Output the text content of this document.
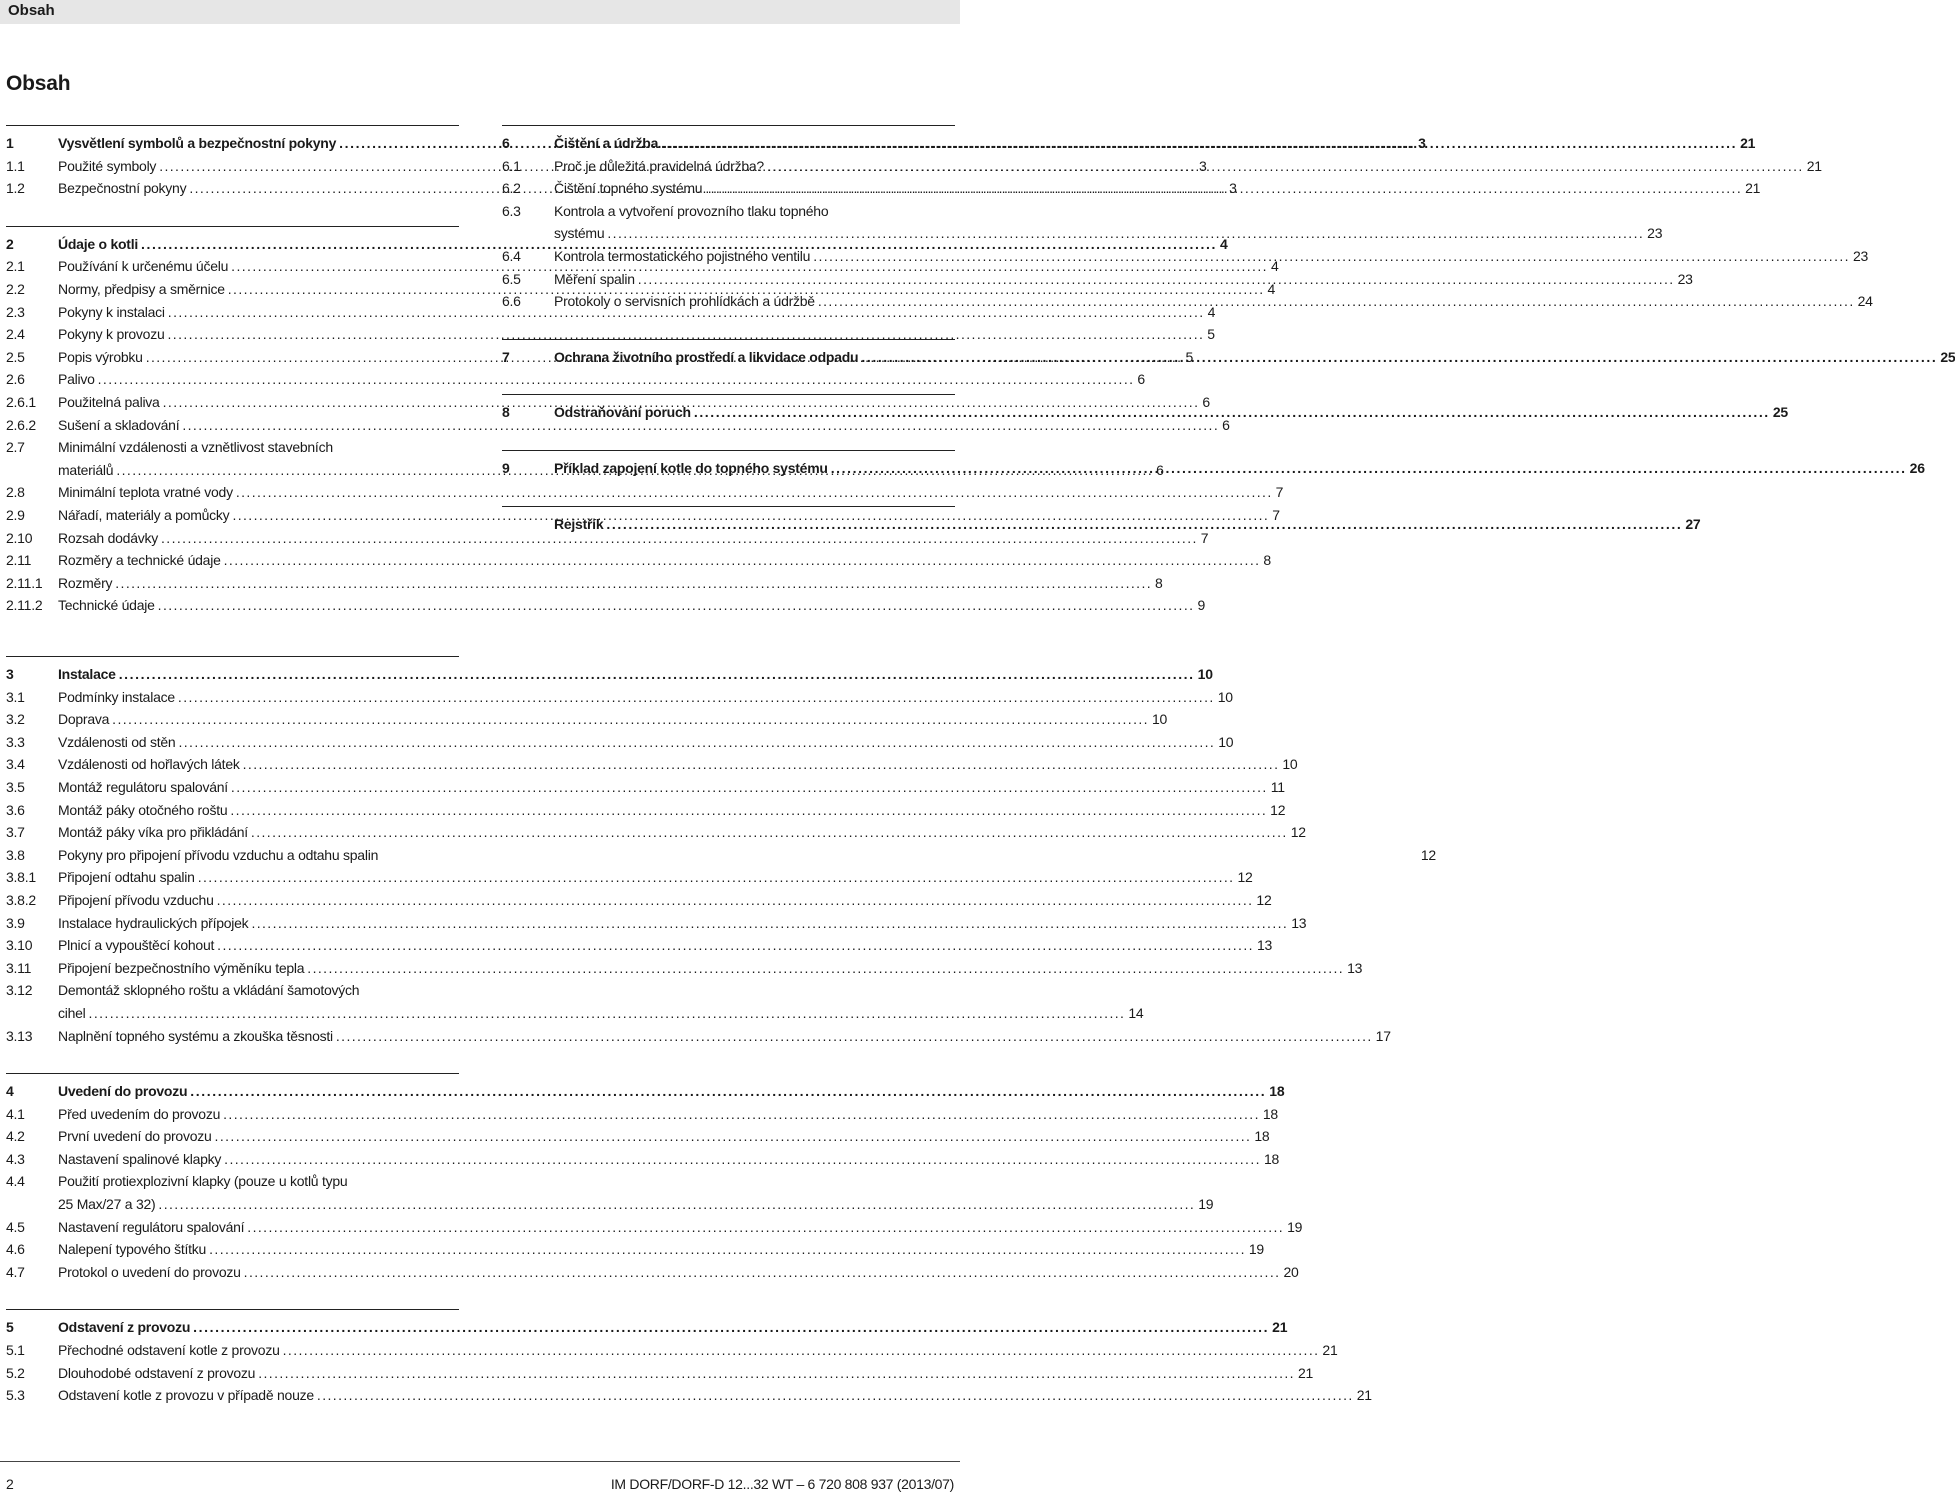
Obsah
Obsah
1	Vysvětlení symbolů a bezpečnostní pokyny .....	3
1.1	Použité symboly .....	3
1.2	Bezpečnostní pokyny .....	3
2	Údaje o kotli .....	4
2.1	Používání k určenému účelu .....	4
2.2	Normy, předpisy a směrnice .....	4
2.3	Pokyny k instalaci .....	4
2.4	Pokyny k provozu .....	5
2.5	Popis výrobku .....	5
2.6	Palivo .....	6
2.6.1	Použitelná paliva .....	6
2.6.2	Sušení a skladování .....	6
2.7	Minimální vzdálenosti a vznětlivost stavebních
materiálů .....	6
2.8	Minimální teplota vratné vody .....	7
2.9	Nářadí, materiály a pomůcky .....	7
2.10	Rozsah dodávky .....	7
2.11	Rozměry a technické údaje .....	8
2.11.1	Rozměry .....	8
2.11.2	Technické údaje .....	9
6	Čištění a údržba .....	21
6.1	Proč je důležitá pravidelná údržba? .....	21
6.2	Čištění topného systému .....	21
6.3	Kontrola a vytvoření provozního tlaku topného
systému .....	23
6.4	Kontrola termostatického pojistného ventilu .....	23
6.5	Měření spalin .....	23
6.6	Protokoly o servisních prohlídkách a údržbě .....	24
7	Ochrana životního prostředí a likvidace odpadu .....	25
8	Odstraňování poruch .....	25
9	Příklad zapojení kotle do topného systému .....	26
Rejstřík .....	27
3	Instalace .....	10
3.1	Podmínky instalace .....	10
3.2	Doprava .....	10
3.3	Vzdálenosti od stěn .....	10
3.4	Vzdálenosti od hořlavých látek .....	10
3.5	Montáž regulátoru spalování .....	11
3.6	Montáž páky otočného roštu .....	12
3.7	Montáž páky víka pro přikládání .....	12
3.8	Pokyny pro připojení přívodu vzduchu a odtahu spalin	12
3.8.1	Připojení odtahu spalin .....	12
3.8.2	Připojení přívodu vzduchu .....	12
3.9	Instalace hydraulických přípojek .....	13
3.10	Plnicí a vypouštěcí kohout .....	13
3.11	Připojení bezpečnostního výměníku tepla .....	13
3.12	Demontáž sklopného roštu a vkládání šamotových
cihel .....	14
3.13	Naplnění topného systému a zkouška těsnosti .....	17
4	Uvedení do provozu .....	18
4.1	Před uvedením do provozu .....	18
4.2	První uvedení do provozu .....	18
4.3	Nastavení spalinové klapky .....	18
4.4	Použití protiexplozivní klapky (pouze u kotlů typu
25 Max/27 a 32) .....	19
4.5	Nastavení regulátoru spalování .....	19
4.6	Nalepení typového štítku .....	19
4.7	Protokol o uvedení do provozu .....	20
5	Odstavení z provozu .....	21
5.1	Přechodné odstavení kotle z provozu .....	21
5.2	Dlouhodobé odstavení z provozu .....	21
5.3	Odstavení kotle z provozu v případě nouze .....	21
2	IM DORF/DORF-D 12...32 WT – 6 720 808 937 (2013/07)
